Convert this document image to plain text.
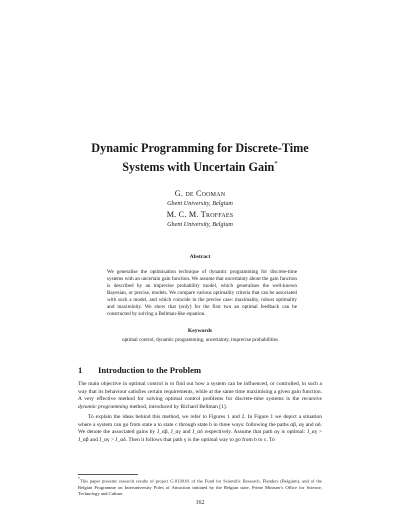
Dynamic Programming for Discrete-Time
Systems with Uncertain Gain*
G. de Cooman
Ghent University, Belgium
M. C. M. Troffaes
Ghent University, Belgium
Abstract
We generalise the optimisation technique of dynamic programming for discrete-time systems with an uncertain gain function. We assume that uncertainty about the gain function is described by an imprecise probability model, which generalises the well-known Bayesian, or precise, models. We compare various optimality criteria that can be associated with such a model, and which coincide in the precise case: maximality, robust optimality and maximinity. We show that (only) for the first two an optimal feedback can be constructed by solving a Bellman-like equation.
Keywords
optimal control, dynamic programming, uncertainty, imprecise probabilities
1 Introduction to the Problem

The main objective in optimal control is to find out how a system can be influenced, or controlled, in such a way that its behaviour satisfies certain requirements, while at the same time maximising a given gain function. A very effective method for solving optimal control problems for discrete-time systems is the recursive dynamic programming method, introduced by Richard Bellman [1].

To explain the ideas behind this method, we refer to Figures 1 and 2. In Figure 1 we depict a situation where a system can go from state a to state c through state b in three ways: following the paths αβ, αγ and αδ. We denote the associated gains by J_αβ, J_αγ and J_αδ respectively. Assume that path αγ is optimal: J_αγ > J_αβ and J_αγ > J_αδ. Then it follows that path γ is the optimal way to go from b to c. To

*This paper presents research results of project G.0139.01 of the Fund for Scientific Research, Flanders (Belgium), and of the Belgian Programme on Interuniversity Poles of Attraction initiated by the Belgian state, Prime Minister's Office for Science, Technology and Culture.
162
